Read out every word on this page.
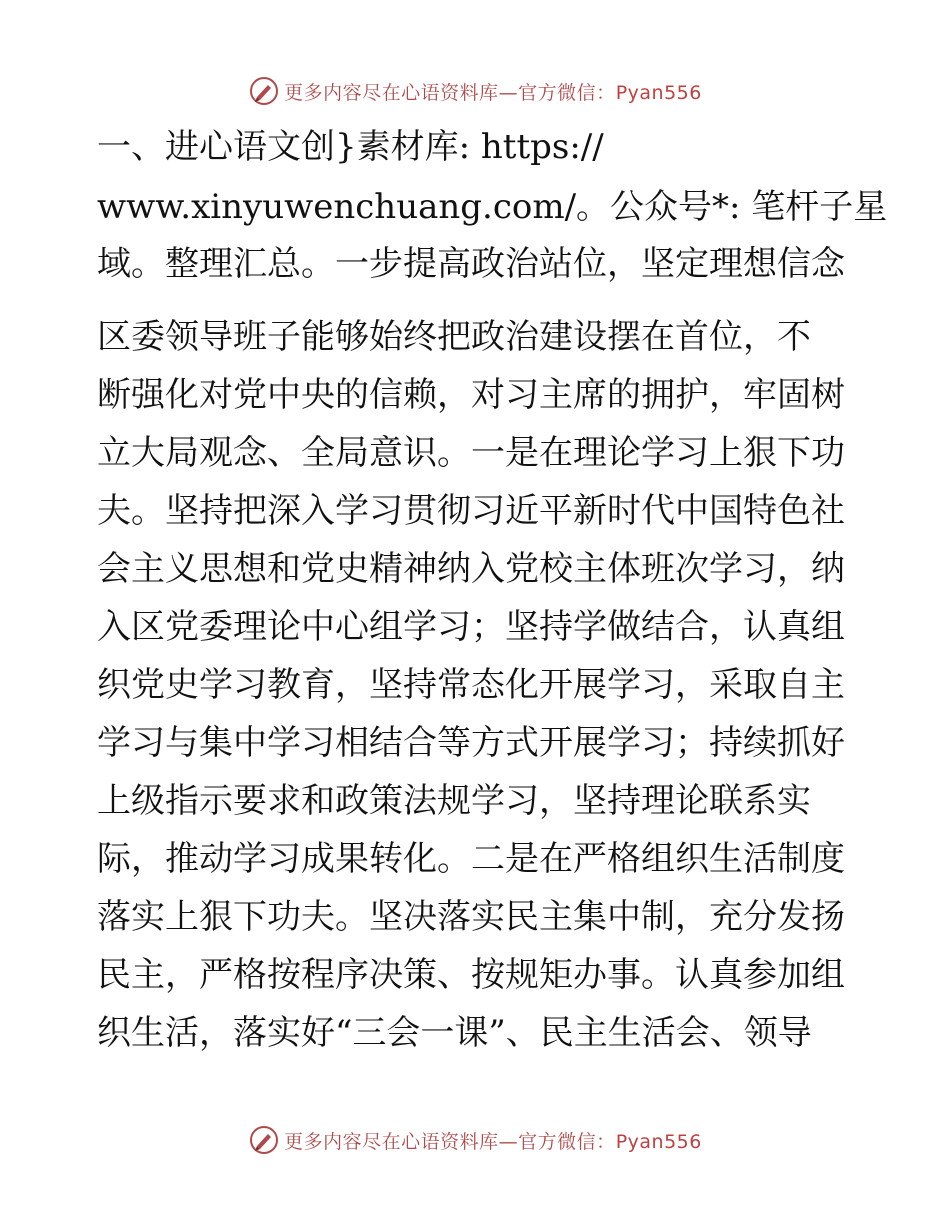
更多内容尽在心语资料库—官方微信：Pyan556
一、进心语文创}素材库: https://
www.xinyuwenchuang.com/。公众号*: 笔杆子星
域。整理汇总。一步提高政治站位，坚定理想信念
区委领导班子能够始终把政治建设摆在首位，不
断强化对党中央的信赖，对习主席的拥护，牢固树
立大局观念、全局意识。一是在理论学习上狠下功
夫。坚持把深入学习贯彻习近平新时代中国特色社
会主义思想和党史精神纳入党校主体班次学习，纳
入区党委理论中心组学习；坚持学做结合，认真组
织党史学习教育，坚持常态化开展学习，采取自主
学习与集中学习相结合等方式开展学习；持续抓好
上级指示要求和政策法规学习，坚持理论联系实
际，推动学习成果转化。二是在严格组织生活制度
落实上狠下功夫。坚决落实民主集中制，充分发扬
民主，严格按程序决策、按规矩办事。认真参加组
织生活，落实好“三会一课”、民主生活会、领导
更多内容尽在心语资料库—官方微信：Pyan556
